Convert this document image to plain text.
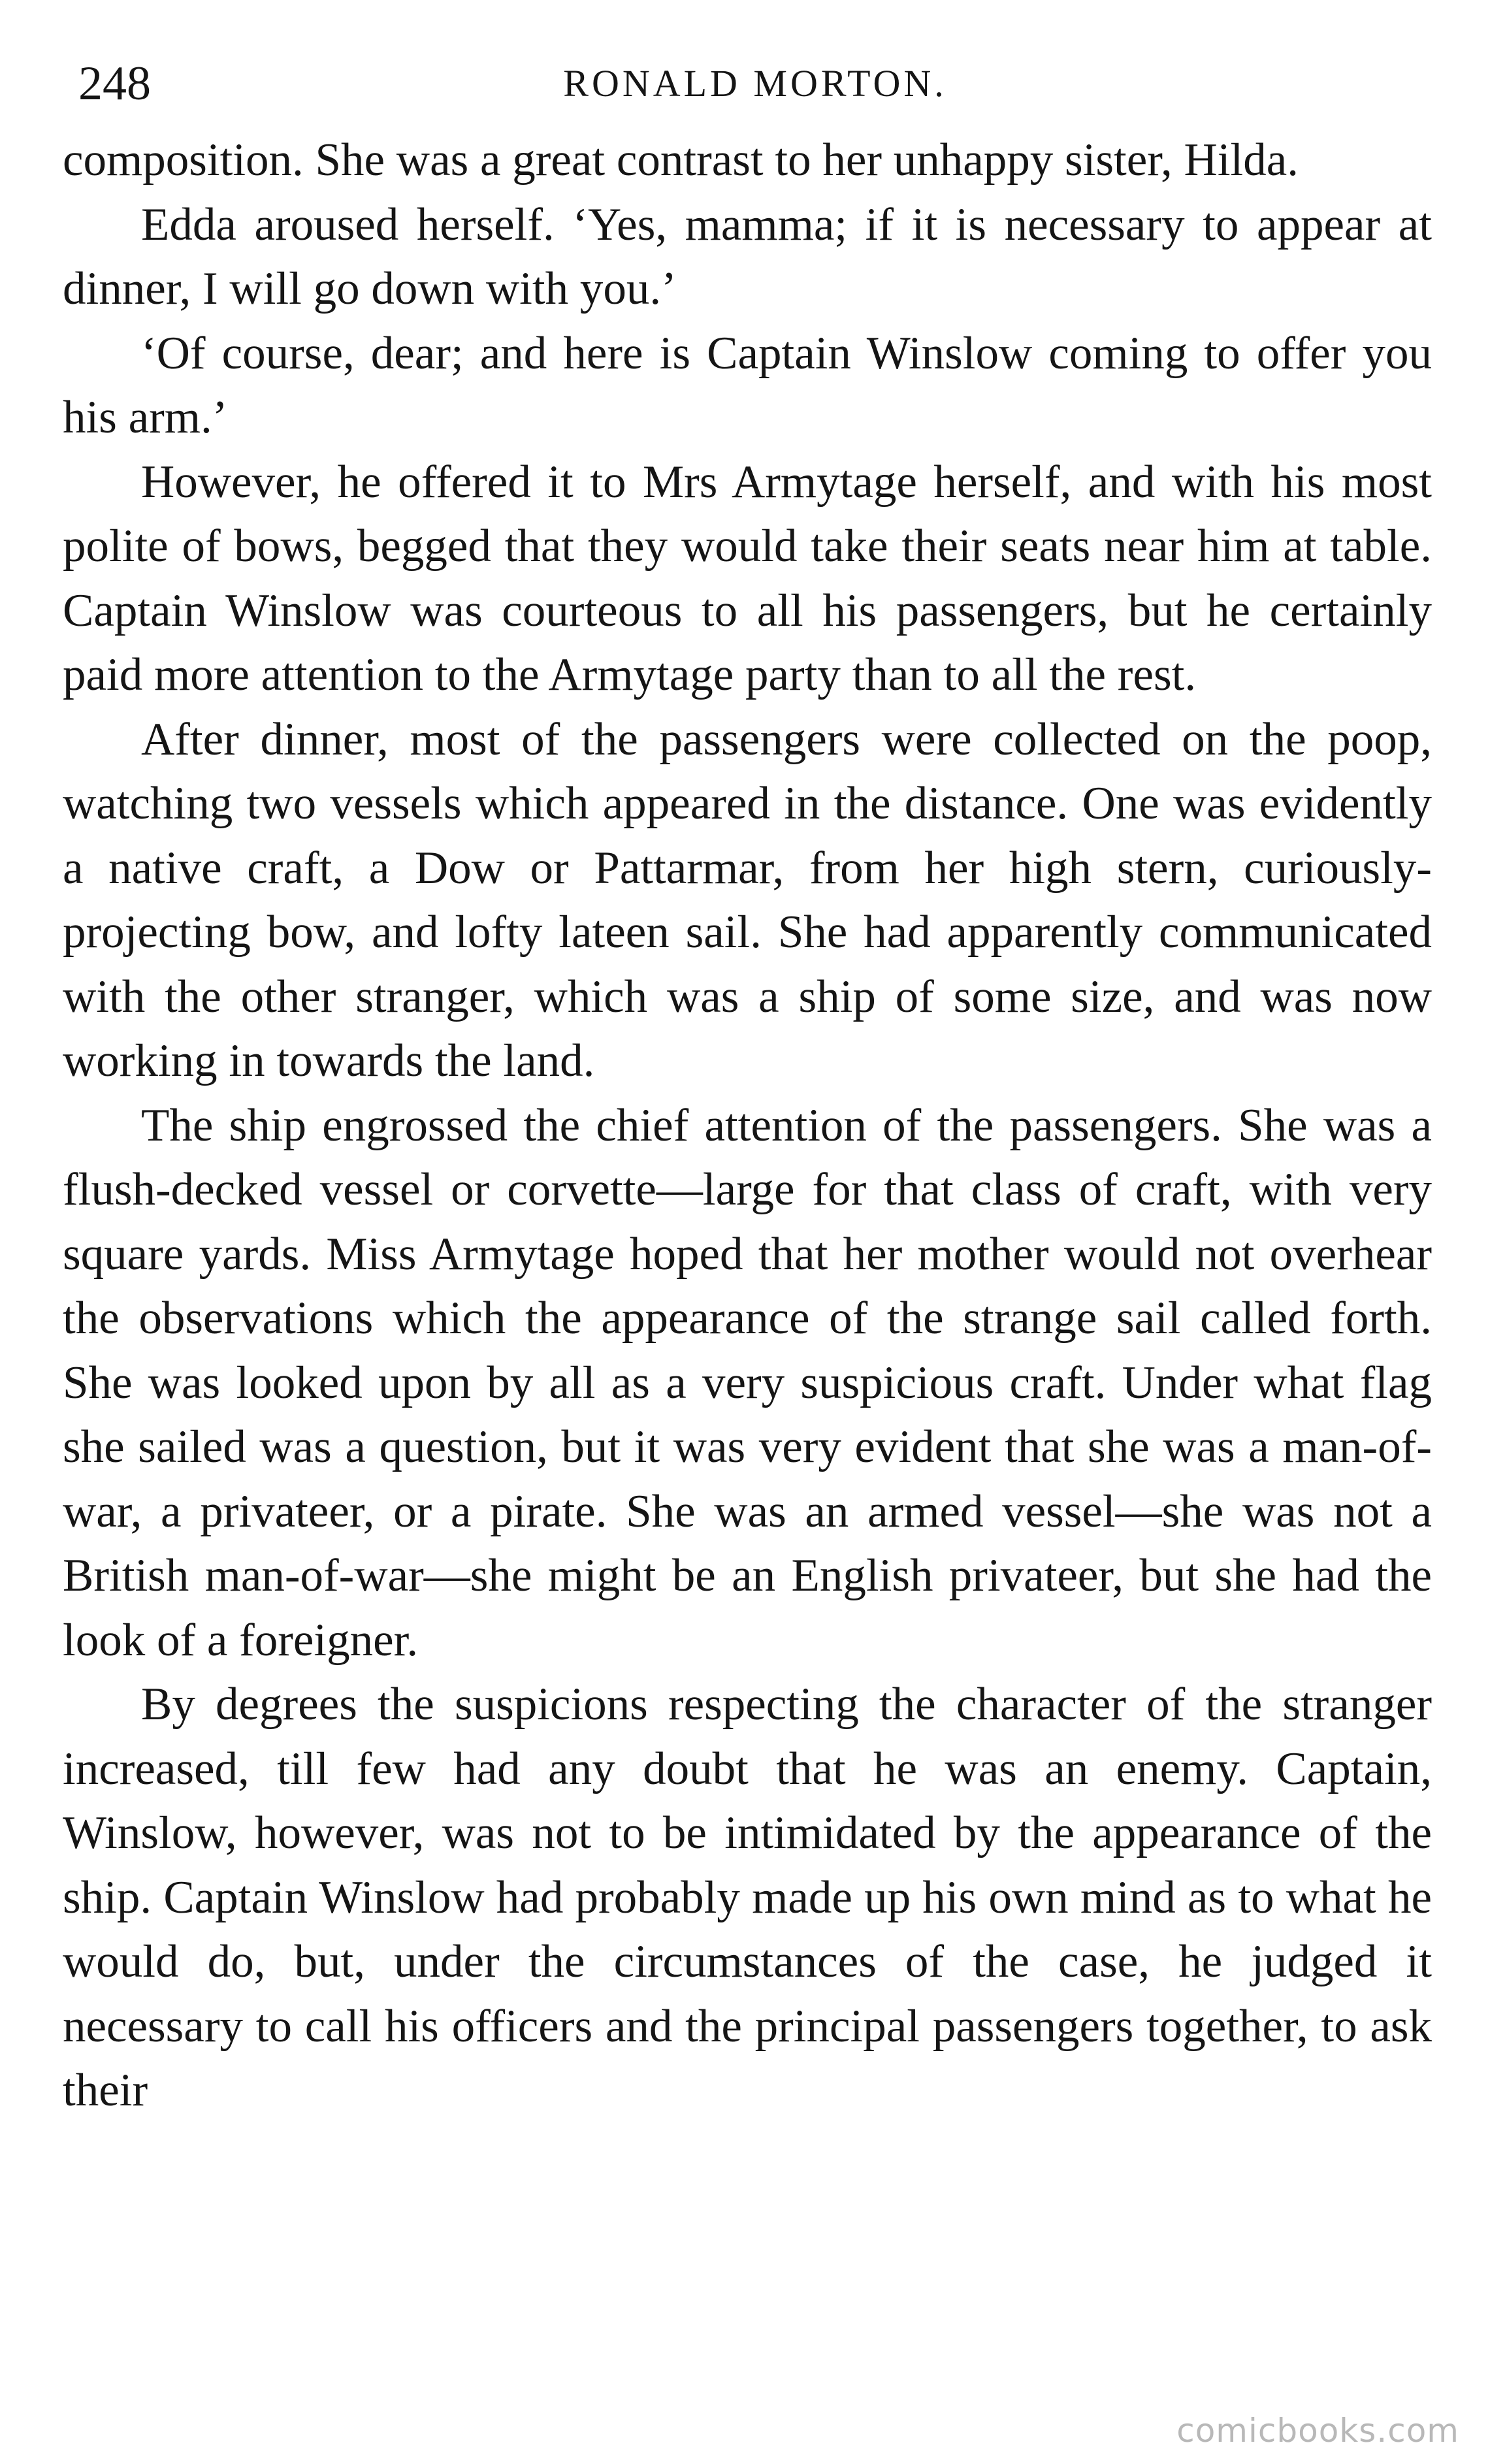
248	RONALD MORTON.

composition. She was a great contrast to her unhappy sister, Hilda.

Edda aroused herself. ‘Yes, mamma; if it is necessary to appear at dinner, I will go down with you.’

‘Of course, dear; and here is Captain Winslow coming to offer you his arm.’

However, he offered it to Mrs Armytage herself, and with his most polite of bows, begged that they would take their seats near him at table. Captain Winslow was courteous to all his passengers, but he certainly paid more attention to the Armytage party than to all the rest.

After dinner, most of the passengers were collected on the poop, watching two vessels which appeared in the distance. One was evidently a native craft, a Dow or Pattarmar, from her high stern, curiously-projecting bow, and lofty lateen sail. She had apparently communicated with the other stranger, which was a ship of some size, and was now working in towards the land.

The ship engrossed the chief attention of the passengers. She was a flush-decked vessel or corvette—large for that class of craft, with very square yards. Miss Armytage hoped that her mother would not overhear the observations which the appearance of the strange sail called forth. She was looked upon by all as a very suspicious craft. Under what flag she sailed was a question, but it was very evident that she was a man-of-war, a privateer, or a pirate. She was an armed vessel—she was not a British man-of-war—she might be an English privateer, but she had the look of a foreigner.

By degrees the suspicions respecting the character of the stranger increased, till few had any doubt that he was an enemy. Captain, Winslow, however, was not to be intimidated by the appearance of the ship. Captain Winslow had probably made up his own mind as to what he would do, but, under the circumstances of the case, he judged it necessary to call his officers and the principal passengers together, to ask their

comicbooks.com
